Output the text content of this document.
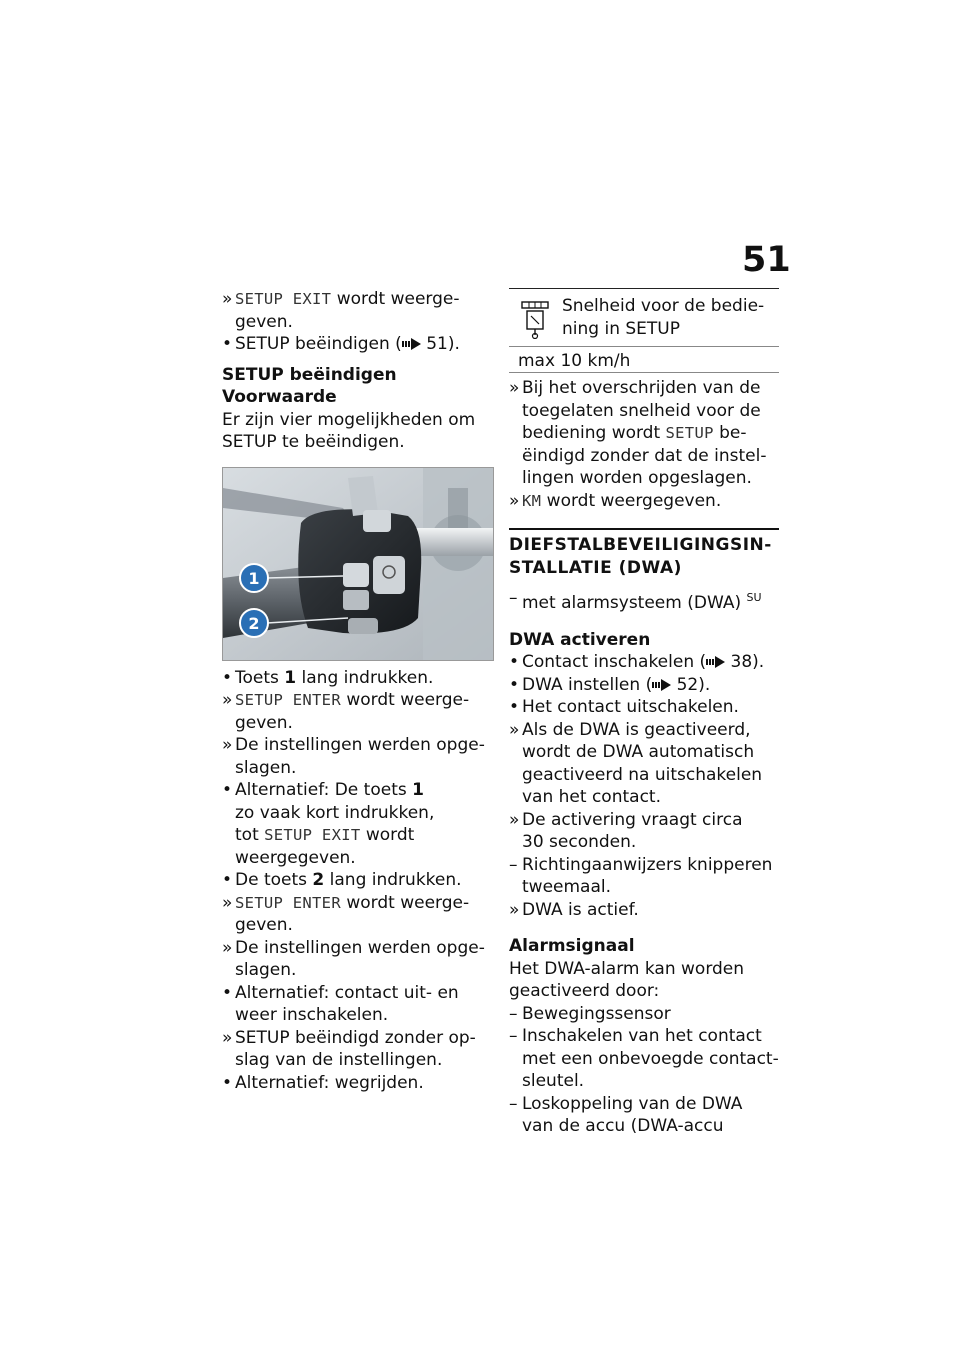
51
» SETUP EXIT wordt weerge-
geven.
• SETUP beëindigen ( 51).
SETUP beëindigen
Voorwaarde
Er zijn vier mogelijkheden om
SETUP te beëindigen.
1
2
• Toets 1 lang indrukken.
» SETUP ENTER wordt weerge-
geven.
» De instellingen werden opge-
slagen.
• Alternatief: De toets 1
zo vaak kort indrukken,
tot SETUP EXIT wordt
weergegeven.
• De toets 2 lang indrukken.
» SETUP ENTER wordt weerge-
geven.
» De instellingen werden opge-
slagen.
• Alternatief: contact uit- en
weer inschakelen.
» SETUP beëindigd zonder op-
slag van de instellingen.
• Alternatief: wegrijden.
Snelheid voor de bedie-
ning in SETUP
max 10 km/h
» Bij het overschrijden van de
toegelaten snelheid voor de
bediening wordt SETUP be-
ëindigd zonder dat de instel-
lingen worden opgeslagen.
» KM wordt weergegeven.
DIEFSTALBEVEILIGINGSIN-
STALLATIE (DWA)
– met alarmsysteem (DWA) $^{SU}$
DWA activeren
• Contact inschakelen ( 38).
• DWA instellen ( 52).
• Het contact uitschakelen.
» Als de DWA is geactiveerd,
wordt de DWA automatisch
geactiveerd na uitschakelen
van het contact.
» De activering vraagt circa
30 seconden.
– Richtingaanwijzers knipperen
tweemaal.
» DWA is actief.
Alarmsignaal
Het DWA-alarm kan worden
geactiveerd door:
– Bewegingssensor
– Inschakelen van het contact
met een onbevoegde contact-
sleutel.
– Loskoppeling van de DWA
van de accu (DWA-accu
